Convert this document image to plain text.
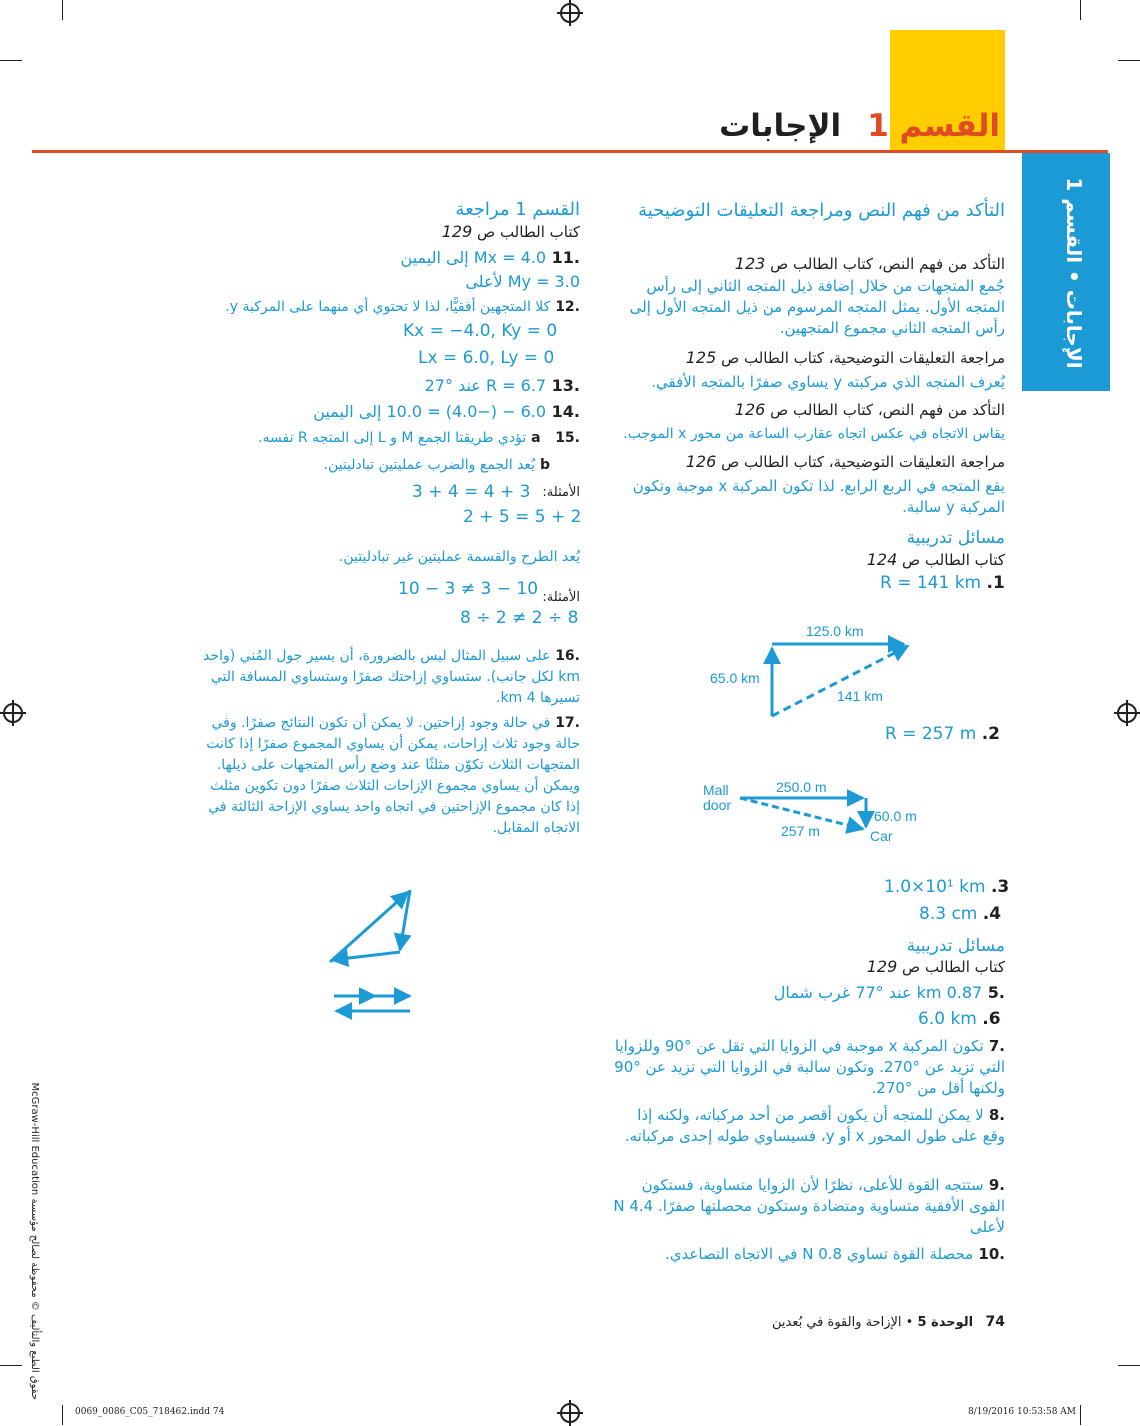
القسم 1الإجابات
الإجابات • القسم 1
التأكد من فهم النص ومراجعة التعليقات التوضيحية
التأكد من فهم النص، كتاب الطالب ص 123
جُمع المتجهات من خلال إضافة ذيل المتجه الثاني إلى رأس المتجه الأول. يمثل المتجه المرسوم من ذيل المتجه الأول إلى رأس المتجه الثاني مجموع المتجهين.
مراجعة التعليقات التوضيحية، كتاب الطالب ص 125
يُعرف المتجه الذي مركبته y يساوي صفرًا بالمتجه الأفقي.
التأكد من فهم النص، كتاب الطالب ص 126
يقاس الاتجاه في عكس اتجاه عقارب الساعة من محور x الموجب.
مراجعة التعليقات التوضيحية، كتاب الطالب ص 126
يقع المتجه في الربع الرابع. لذا تكون المركبة x موجبة وتكون المركبة y سالبة.
مسائل تدريبية
كتاب الطالب ص 124
R = 141 km .1
125.0 km
65.0 km
141 km
R = 257 m .2
Mall
door
250.0 m
60.0 m
257 m	Car
1.0×10¹ km .3
8.3 cm .4
مسائل تدريبية
كتاب الطالب ص 129
.5 0.87 km عند °77 غرب شمال
6.0 km .6
.7 تكون المركبة x موجبة في الزوايا التي تقل عن °90 وللزوايا التي تزيد عن °270. وتكون سالبة في الزوايا التي تزيد عن °90 ولكنها أقل من °270.
.8 لا يمكن للمتجه أن يكون أقصر من أحد مركباته، ولكنه إذا وقع على طول المحور x أو y، فسيساوي طوله إحدى مركباته.
.9 ستتجه القوة للأعلى، نظرًا لأن الزوايا متساوية، فستكون القوى الأفقية متساوية ومتضادة وستكون محصلتها صفرًا. 4.4 N لأعلى
.10 محصلة القوة تساوي 0.8 N في الاتجاه التصاعدي.
القسم 1 مراجعة
كتاب الطالب ص 129
.11 Mx = 4.0 إلى اليمين
My = 3.0 لأعلى
.12 كلا المتجهين أفقيًّا، لذا لا تحتوي أي منهما على المركبة y.
Kx = −4.0, Ky = 0
Lx = 6.0, Ly = 0
.13 R = 6.7 عند °27
.14 6.0 − (−4.0) = 10.0 إلى اليمين
.15   a تؤدي طريقتا الجمع M و L إلى المتجه R نفسه.
b يُعد الجمع والضرب عمليتين تبادليتين.
الأمثلة:
3 + 4 = 4 + 3
2 + 5 = 5 + 2
يُعد الطرح والقسمة عمليتين غير تبادليتين.
الأمثلة:
10 − 3 ≠ 3 − 10
8 ÷ 2 ≠ 2 ÷ 8
.16 على سبيل المثال ليس بالضرورة، أن يسير جول المُني (واحد km لكل جانب). ستساوي إزاحتك صفرًا وستساوي المسافة التي تسيرها 4 km.
.17 في حالة وجود إزاحتين. لا يمكن أن تكون النتائج صفرًا. وفي حالة وجود ثلاث إزاحات، يمكن أن يساوي المجموع صفرًا إذا كانت المتجهات الثلاث تكوّن مثلثًا عند وضع رأس المتجهات على ذيلها. ويمكن أن يساوي مجموع الإزاحات الثلاث صفرًا دون تكوين مثلث إذا كان مجموع الإزاحتين في اتجاه واحد يساوي الإزاحة الثالثة في الاتجاه المقابل.
حقوق الطبع والتأليف © محفوظة لصالح مؤسسة McGraw-Hill Education	74   الوحدة 5 • الإزاحة والقوة في بُعدين
0069_0086_C05_718462.indd 74	8/19/2016 10:53:58 AM
